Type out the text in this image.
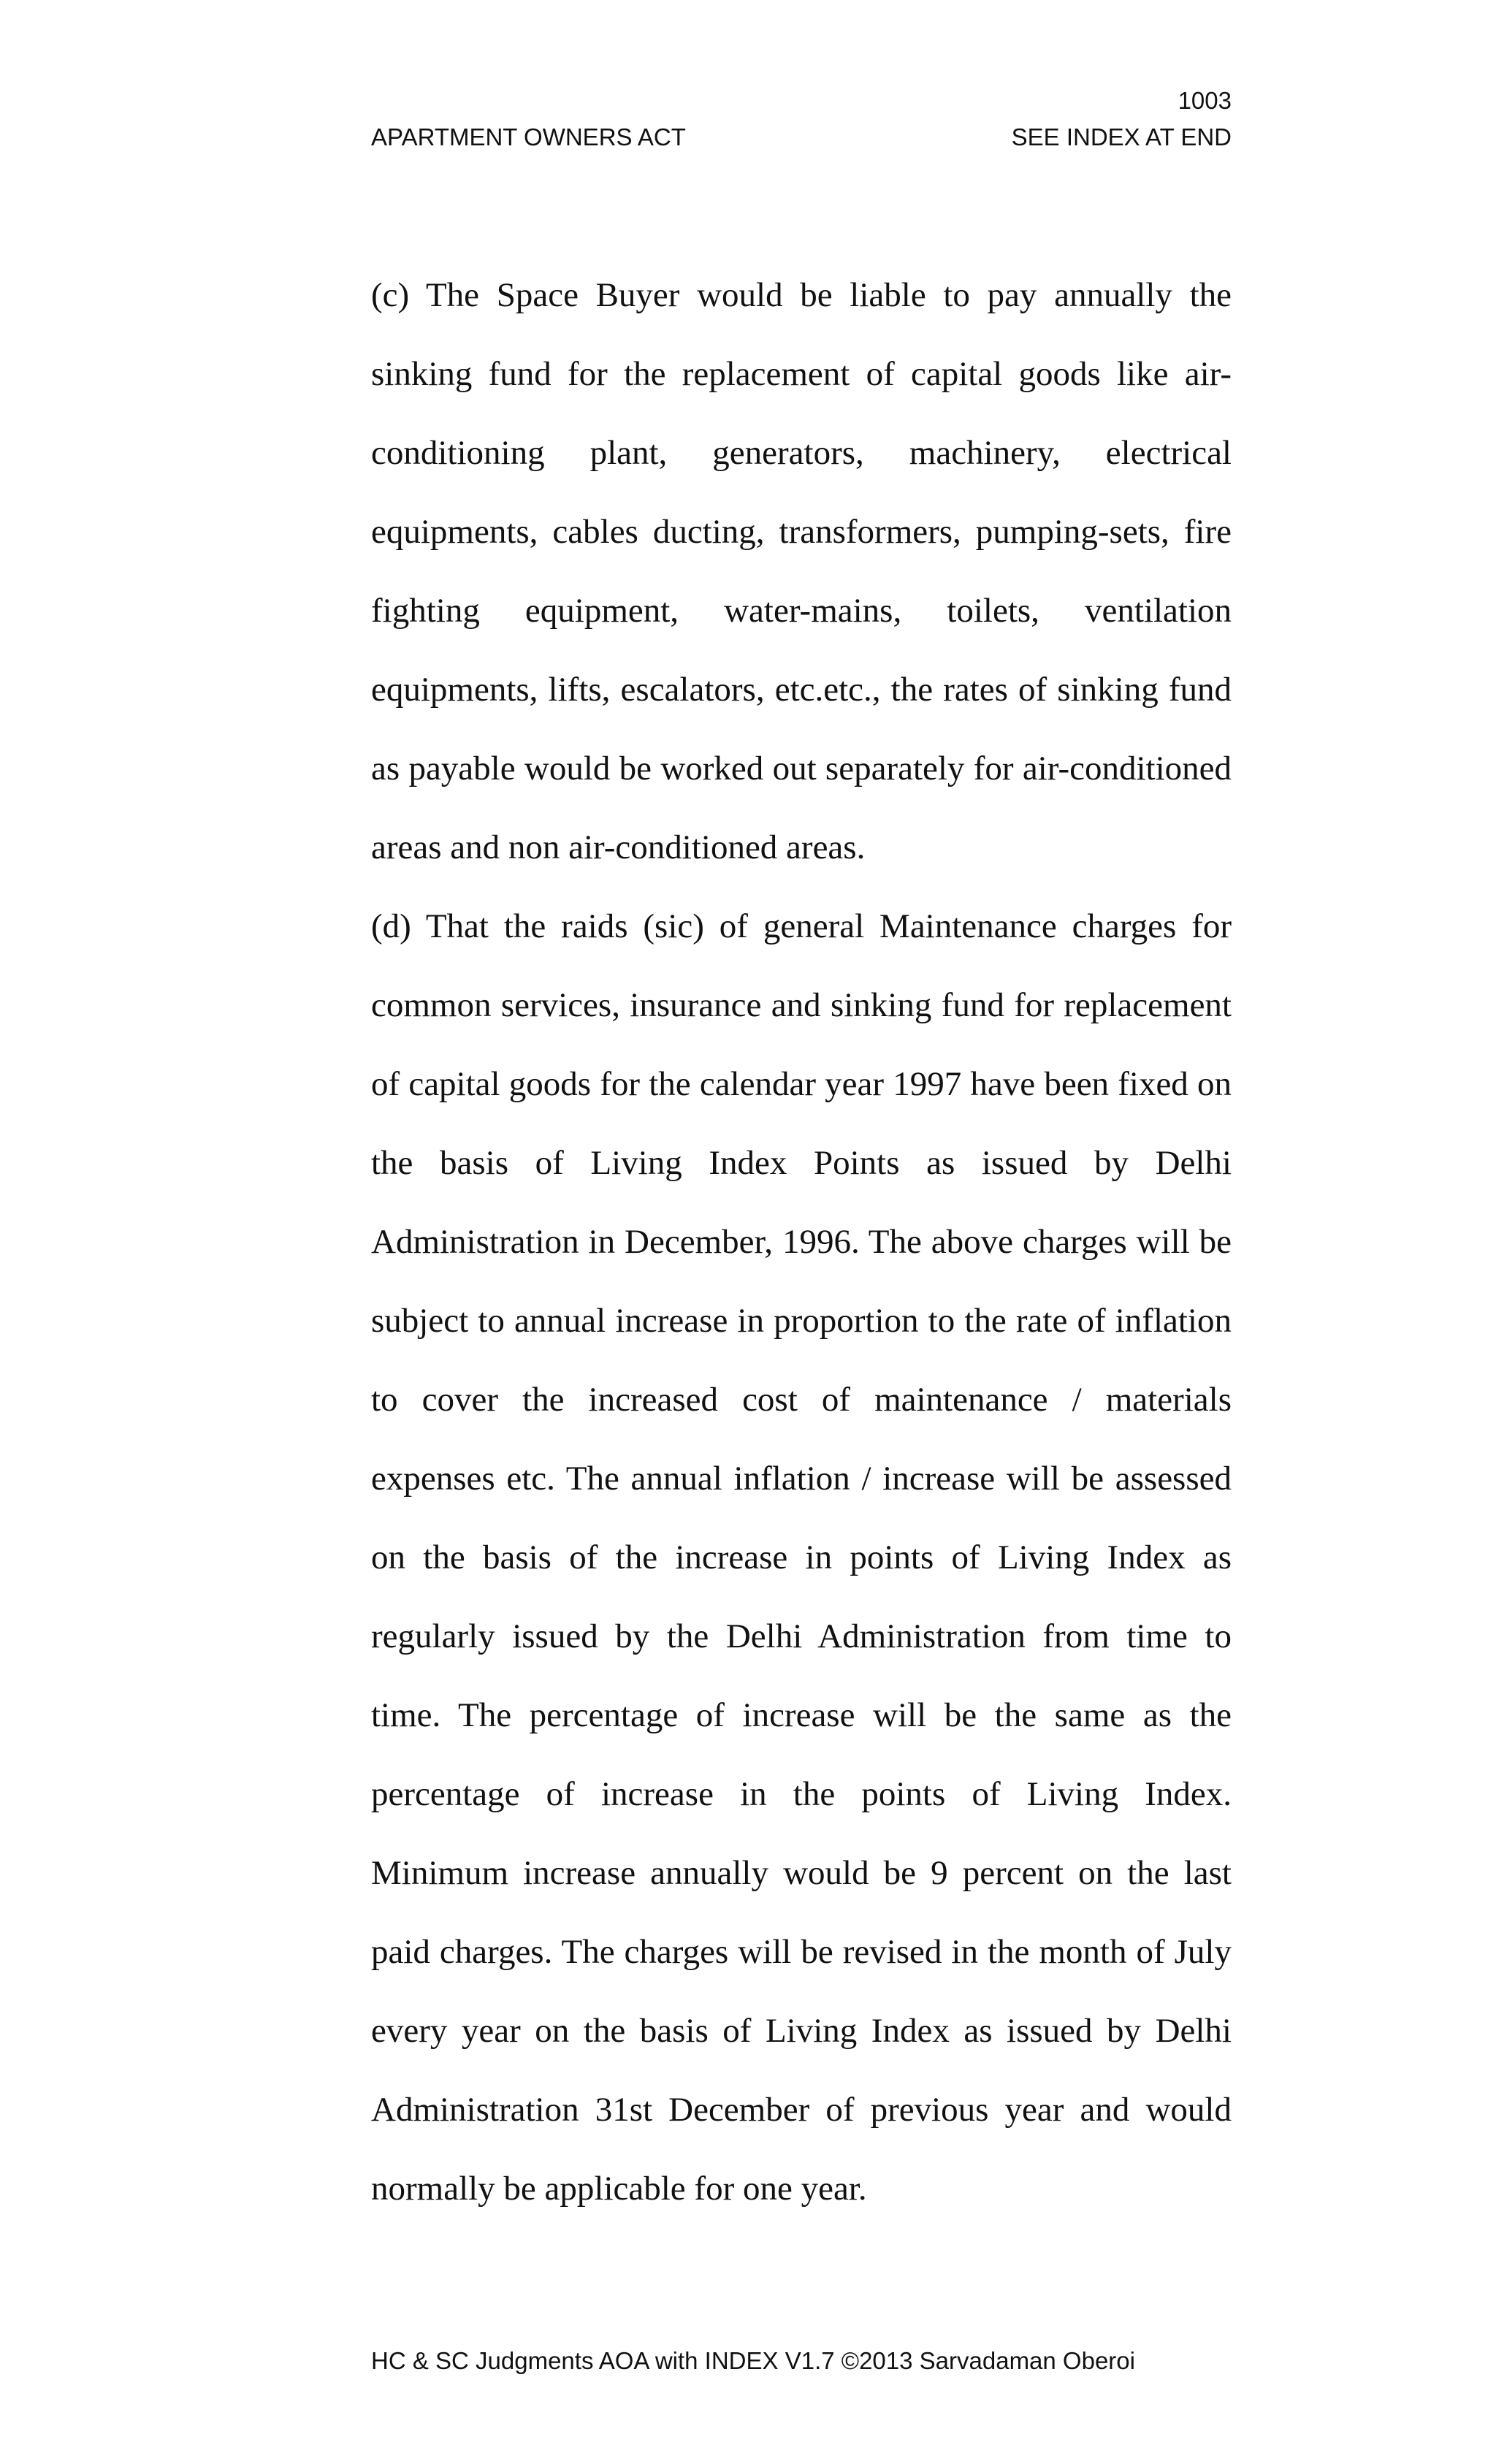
1003
APARTMENT OWNERS ACT	SEE INDEX AT END

(c) The Space Buyer would be liable to pay annually the sinking fund for the replacement of capital goods like air-conditioning plant, generators, machinery, electrical equipments, cables ducting, transformers, pumping-sets, fire fighting equipment, water-mains, toilets, ventilation equipments, lifts, escalators, etc.etc., the rates of sinking fund as payable would be worked out separately for air-conditioned areas and non air-conditioned areas.

(d) That the raids (sic) of general Maintenance charges for common services, insurance and sinking fund for replacement of capital goods for the calendar year 1997 have been fixed on the basis of Living Index Points as issued by Delhi Administration in December, 1996. The above charges will be subject to annual increase in proportion to the rate of inflation to cover the increased cost of maintenance / materials expenses etc. The annual inflation / increase will be assessed on the basis of the increase in points of Living Index as regularly issued by the Delhi Administration from time to time. The percentage of increase will be the same as the percentage of increase in the points of Living Index. Minimum increase annually would be 9 percent on the last paid charges. The charges will be revised in the month of July every year on the basis of Living Index as issued by Delhi Administration 31st December of previous year and would normally be applicable for one year.

HC & SC Judgments AOA with INDEX V1.7 ©2013 Sarvadaman Oberoi
